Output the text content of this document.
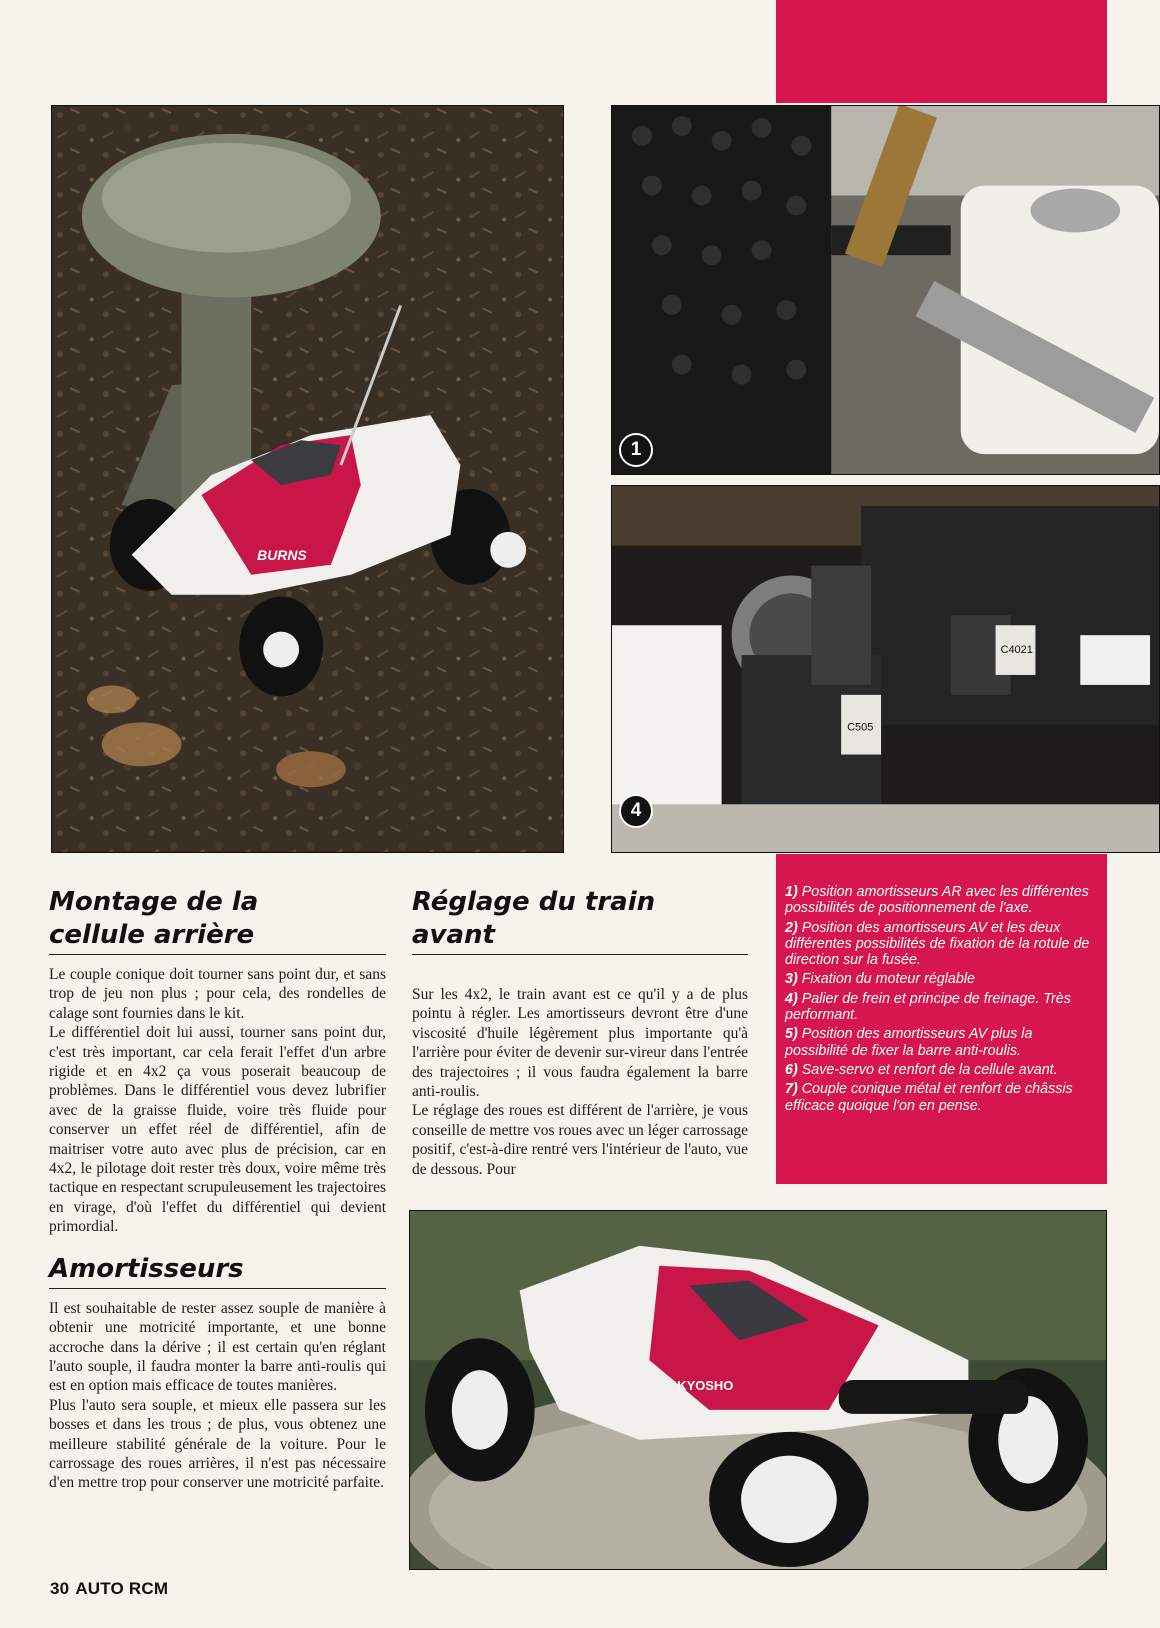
BURNS
1
C4021
C505
4
Montage de la
cellule arrière
Le couple conique doit tourner sans point dur, et sans trop de jeu non plus ; pour cela, des rondelles de calage sont fournies dans le kit.
Le différentiel doit lui aussi, tourner sans point dur, c'est très important, car cela ferait l'effet d'un arbre rigide et en 4x2 ça vous poserait beaucoup de problèmes. Dans le différentiel vous devez lubrifier avec de la graisse fluide, voire très fluide pour conserver un effet réel de différentiel, afin de maitriser votre auto avec plus de précision, car en 4x2, le pilotage doit rester très doux, voire même très tactique en respectant scrupuleusement les trajectoires en virage, d'où l'effet du différentiel qui devient primordial.
Amortisseurs
Il est souhaitable de rester assez souple de manière à obtenir une motricité importante, et une bonne accroche dans la dérive ; il est certain qu'en réglant l'auto souple, il faudra monter la barre anti-roulis qui est en option mais efficace de toutes manières.
Plus l'auto sera souple, et mieux elle passera sur les bosses et dans les trous ; de plus, vous obtenez une meilleure stabilité générale de la voiture. Pour le carrossage des roues arrières, il n'est pas nécessaire d'en mettre trop pour conserver une motricité parfaite.
Réglage du train
avant
Sur les 4x2, le train avant est ce qu'il y a de plus pointu à régler. Les amortisseurs devront être d'une viscosité d'huile légèrement plus importante qu'à l'arrière pour éviter de devenir sur-vireur dans l'entrée des trajectoires ; il vous faudra également la barre anti-roulis.
Le réglage des roues est différent de l'arrière, je vous conseille de mettre vos roues avec un léger carrossage positif, c'est-à-dire rentré vers l'intérieur de l'auto, vue de dessous. Pour
1) Position amortisseurs AR avec les différentes possibilités de positionnement de l'axe.
2) Position des amortisseurs AV et les deux différentes possibilités de fixation de la rotule de direction sur la fusée.
3) Fixation du moteur réglable
4) Palier de frein et principe de freinage. Très performant.
5) Position des amortisseurs AV plus la possibilité de fixer la barre anti-roulis.
6) Save-servo et renfort de la cellule avant.
7) Couple conique métal et renfort de châssis efficace quoique l'on en pense.
KYOSHO
30 AUTO RCM
